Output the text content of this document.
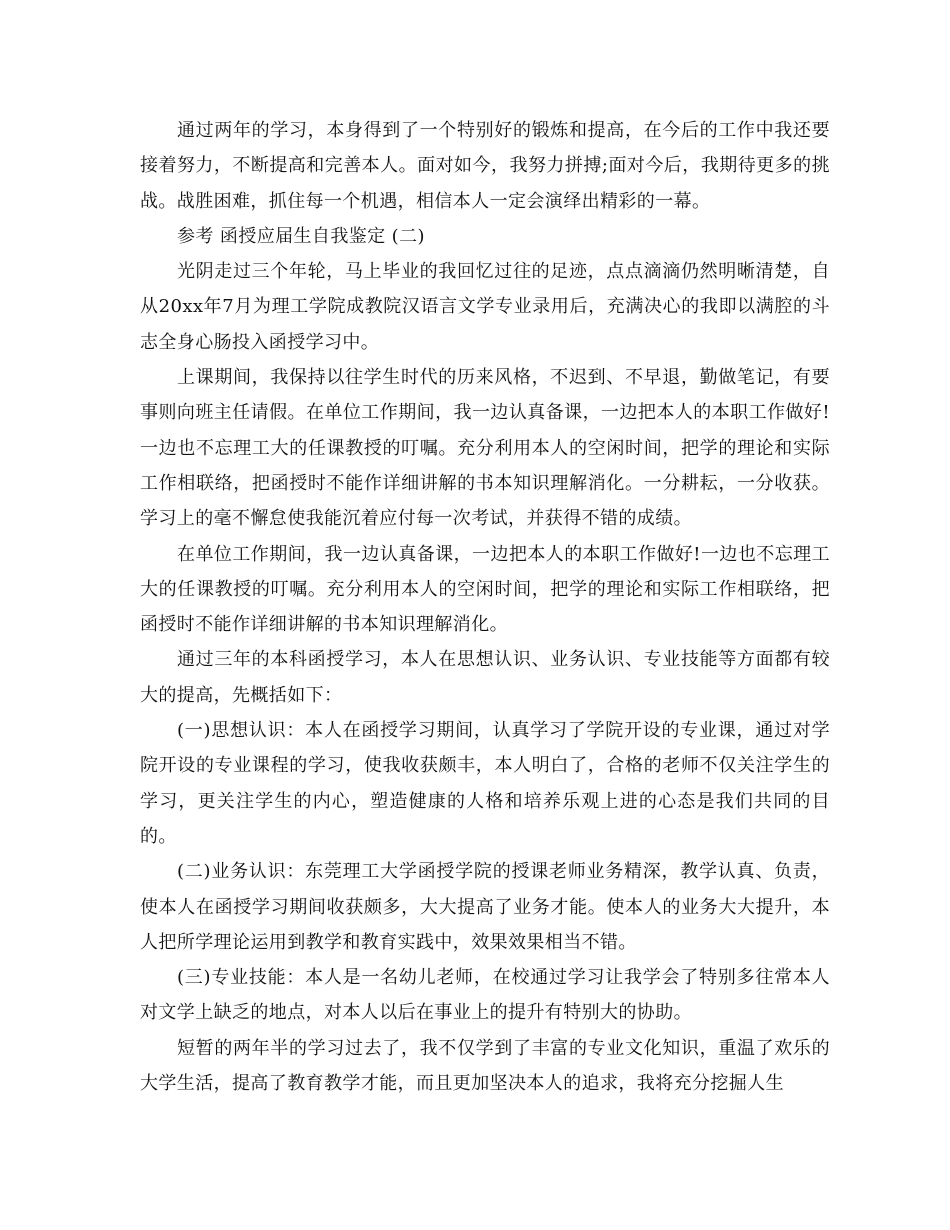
通过两年的学习，本身得到了一个特别好的锻炼和提高，在今后的工作中我还要接着努力，不断提高和完善本人。面对如今，我努力拼搏;面对今后，我期待更多的挑战。战胜困难，抓住每一个机遇，相信本人一定会演绎出精彩的一幕。

参考 函授应届生自我鉴定 (二)

光阴走过三个年轮，马上毕业的我回忆过往的足迹，点点滴滴仍然明晰清楚，自从20xx年7月为理工学院成教院汉语言文学专业录用后，充满决心的我即以满腔的斗志全身心肠投入函授学习中。

上课期间，我保持以往学生时代的历来风格，不迟到、不早退，勤做笔记，有要事则向班主任请假。在单位工作期间，我一边认真备课，一边把本人的本职工作做好!一边也不忘理工大的任课教授的叮嘱。充分利用本人的空闲时间，把学的理论和实际工作相联络，把函授时不能作详细讲解的书本知识理解消化。一分耕耘，一分收获。学习上的毫不懈怠使我能沉着应付每一次考试，并获得不错的成绩。

在单位工作期间，我一边认真备课，一边把本人的本职工作做好!一边也不忘理工大的任课教授的叮嘱。充分利用本人的空闲时间，把学的理论和实际工作相联络，把函授时不能作详细讲解的书本知识理解消化。

通过三年的本科函授学习，本人在思想认识、业务认识、专业技能等方面都有较大的提高，先概括如下：

(一)思想认识：本人在函授学习期间，认真学习了学院开设的专业课，通过对学院开设的专业课程的学习，使我收获颇丰，本人明白了，合格的老师不仅关注学生的学习，更关注学生的内心，塑造健康的人格和培养乐观上进的心态是我们共同的目的。

(二)业务认识：东莞理工大学函授学院的授课老师业务精深，教学认真、负责，使本人在函授学习期间收获颇多，大大提高了业务才能。使本人的业务大大提升，本人把所学理论运用到教学和教育实践中，效果效果相当不错。

(三)专业技能：本人是一名幼儿老师，在校通过学习让我学会了特别多往常本人对文学上缺乏的地点，对本人以后在事业上的提升有特别大的协助。

短暂的两年半的学习过去了，我不仅学到了丰富的专业文化知识，重温了欢乐的大学生活，提高了教育教学才能，而且更加坚决本人的追求，我将充分挖掘人生
